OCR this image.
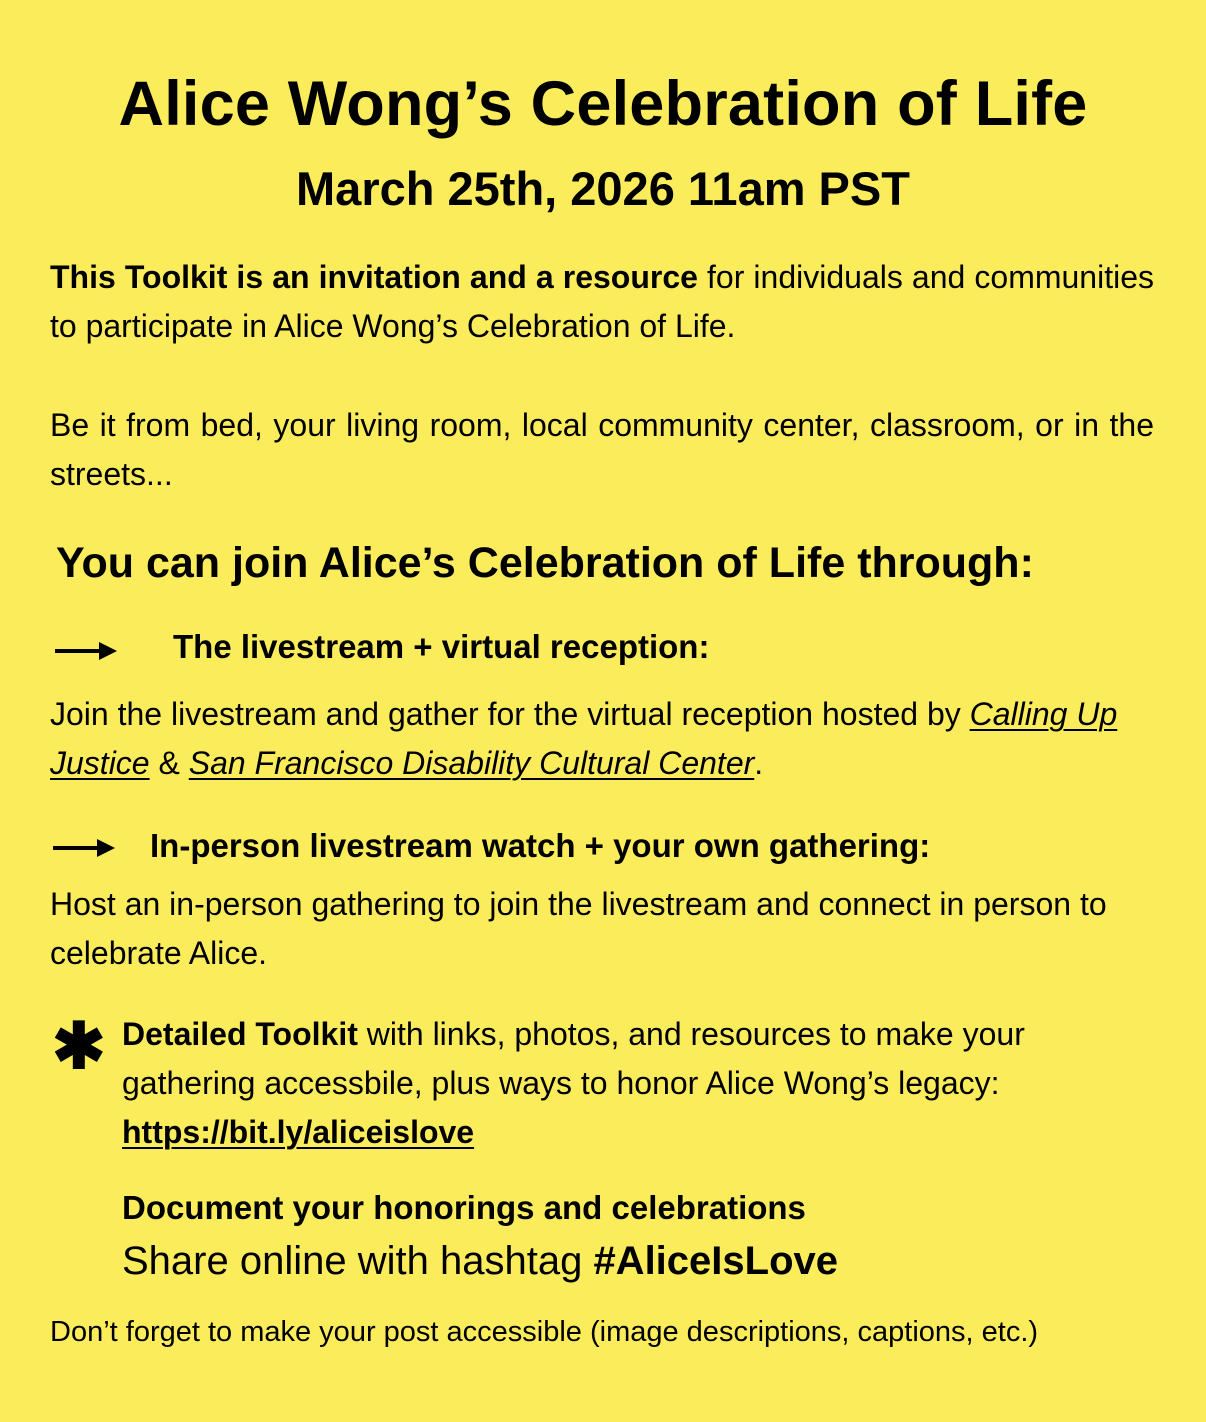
Alice Wong’s Celebration of Life
March 25th, 2026 11am PST

This Toolkit is an invitation and a resource for individuals and communities to participate in Alice Wong’s Celebration of Life.

Be it from bed, your living room, local community center, classroom, or in the streets...

You can join Alice’s Celebration of Life through:
The livestream + virtual reception:

Join the livestream and gather for the virtual reception hosted by Calling Up Justice & San Francisco Disability Cultural Center.

In-person livestream watch + your own gathering:

Host an in-person gathering to join the livestream and connect in person to celebrate Alice.

✱ Detailed Toolkit with links, photos, and resources to make your gathering accessbile, plus ways to honor Alice Wong’s legacy:
https://bit.ly/aliceislove

Document your honorings and celebrations
Share online with hashtag #AliceIsLove
Don’t forget to make your post accessible (image descriptions, captions, etc.)
